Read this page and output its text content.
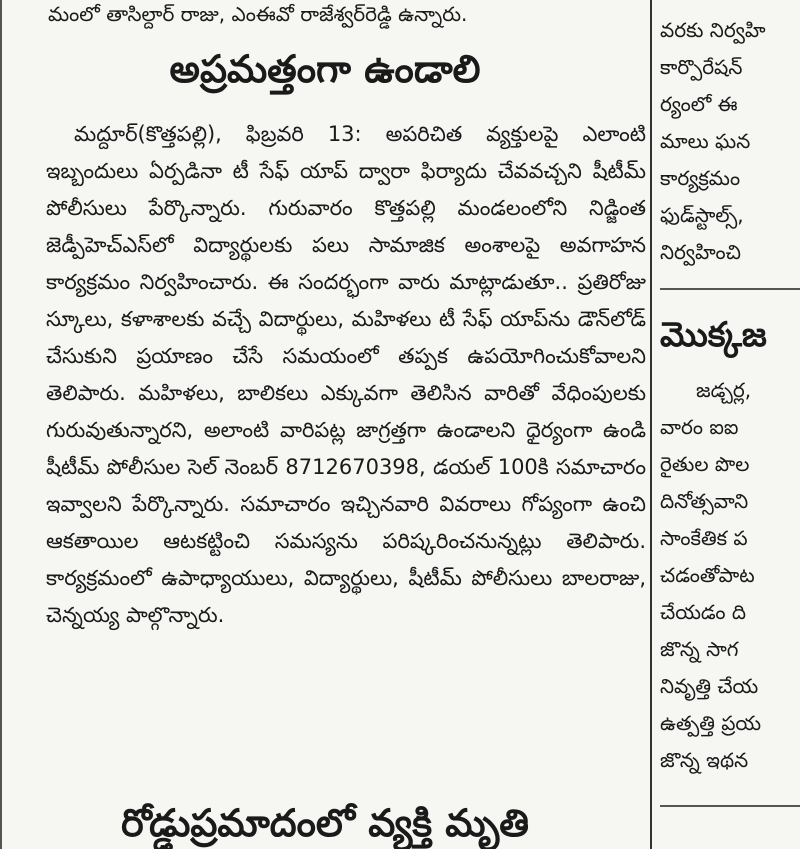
మంలో తాసిల్దార్ రాజు, ఎంఈవో రాజేశ్వర్‌రెడ్డి ఉన్నారు.
అప్రమత్తంగా ఉండాలి

మద్దూర్(కొత్తపల్లి), ఫిబ్రవరి 13: అపరిచిత వ్యక్తులపై ఎలాంటి ఇబ్బందులు ఏర్పడినా టీ సేఫ్ యాప్ ద్వారా ఫిర్యాదు చేవవచ్చని షీటీమ్ పోలీసులు పేర్కొన్నారు. గురువారం కొత్తపల్లి మండలంలోని నిడ్జింత జెడ్పీహెచ్‌ఎస్‌లో విద్యార్థులకు పలు సామాజిక అంశాలపై అవగాహన కార్యక్రమం నిర్వహించారు. ఈ సందర్భంగా వారు మాట్లాడుతూ.. ప్రతిరోజు స్కూలు, కళాశాలకు వచ్చే విదార్థులు, మహిళలు టీ సేఫ్ యాప్‌ను డౌన్‌లోడ్ చేసుకుని ప్రయాణం చేసే సమయంలో తప్పక ఉపయోగించుకోవాలని తెలిపారు. మహిళలు, బాలికలు ఎక్కువగా తెలిసిన వారితో వేధింపులకు గురువుతున్నారని, అలాంటి వారిపట్ల జాగ్రత్తగా ఉండాలని ధైర్యంగా ఉండి షీటీమ్ పోలీసుల సెల్ నెంబర్ 8712670398, డయల్ 100కి సమాచారం ఇవ్వాలని పేర్కొన్నారు. సమాచారం ఇచ్చినవారి వివరాలు గోప్యంగా ఉంచి ఆకతాయిల ఆటకట్టించి సమస్యను పరిష్కరించనున్నట్లు తెలిపారు. కార్యక్రమంలో ఉపాధ్యాయులు, విద్యార్థులు, షీటీమ్ పోలీసులు బాలరాజు, చెన్నయ్య పాల్గొన్నారు.

రోడ్డుప్రమాదంలో వ్యక్తి మృతి
వరకు నిర్వహి
కార్పొరేషన్
ర్యంలో ఈ
మాలు ఘన
కార్యక్రమం
ఫుడ్‌స్టాల్స్,
నిర్వహించి
మొక్కజ
జడ్చర్ల,
వారం ఐఐ
రైతుల పొల
దినోత్సవాని
సాంకేతిక ప
చడంతోపాట
చేయడం ది
జొన్న సాగ
నివృత్తి చేయ
ఉత్పత్తి ప్రయ
జొన్న ఇథన
